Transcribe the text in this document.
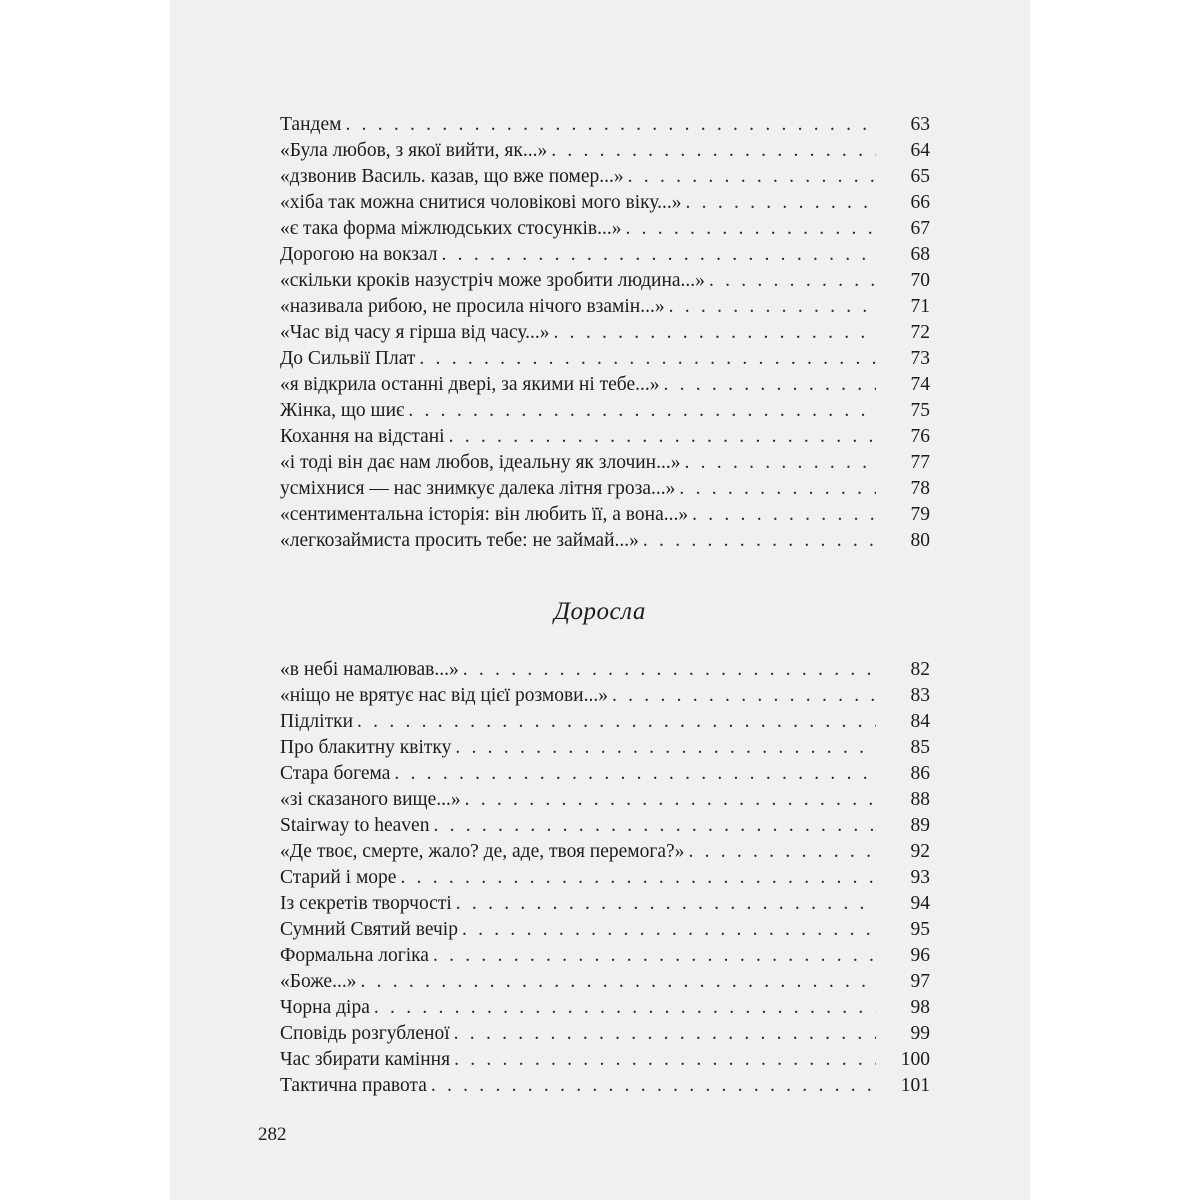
Тандем . . .	63
«Була любов, з якої вийти, як...» . . .	64
«дзвонив Василь. казав, що вже помер...» . . .	65
«хіба так можна снитися чоловікові мого віку...» . . .	66
«є така форма міжлюдських стосунків...» . . .	67
Дорогою на вокзал . . .	68
«скільки кроків назустріч може зробити людина...» . . .	70
«називала рибою, не просила нічого взамін...» . . .	71
«Час від часу я гірша від часу...» . . .	72
До Сильвії Плат . . .	73
«я відкрила останні двері, за якими ні тебе...» . . .	74
Жінка, що шиє . . .	75
Кохання на відстані . . .	76
«і тоді він дає нам любов, ідеальну як злочин...» . . .	77
усміхнися — нас знимкує далека літня гроза...» . . .	78
«сентиментальна історія: він любить її, а вона...» . . .	79
«легкозаймиста просить тебе: не займай...» . . .	80
Доросла
«в небі намалював...» . . .	82
«ніщо не врятує нас від цієї розмови...» . . .	83
Підлітки . . .	84
Про блакитну квітку . . .	85
Стара богема . . .	86
«зі сказаного вище...» . . .	88
Stairway to heaven . . .	89
«Де твоє, смерте, жало? де, аде, твоя перемога?» . . .	92
Старий і море . . .	93
Із секретів творчості . . .	94
Сумний Святий вечір . . .	95
Формальна логіка . . .	96
«Боже...» . . .	97
Чорна діра . . .	98
Сповідь розгубленої . . .	99
Час збирати каміння . . .	100
Тактична правота . . .	101
282
